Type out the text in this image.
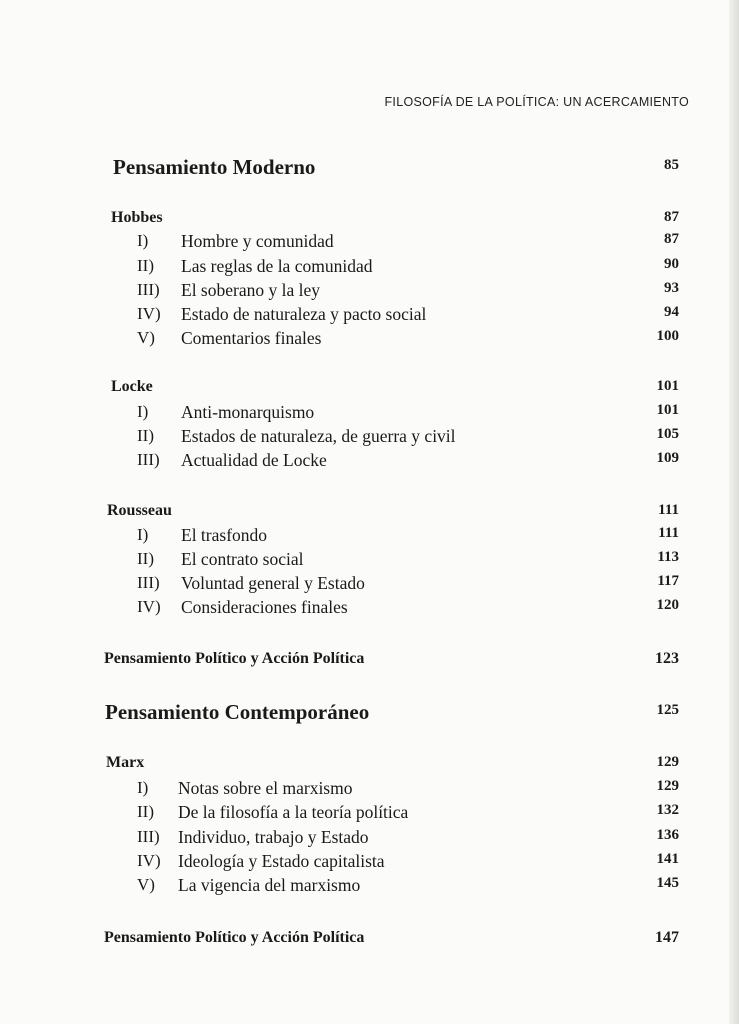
FILOSOFÍA DE LA POLÍTICA: UN ACERCAMIENTO
Pensamiento Moderno	85
Hobbes	87
I) Hombre y comunidad	87
II) Las reglas de la comunidad	90
III) El soberano y la ley	93
IV) Estado de naturaleza y pacto social	94
V) Comentarios finales	100
Locke	101
I) Anti-monarquismo	101
II) Estados de naturaleza, de guerra y civil	105
III) Actualidad de Locke	109
Rousseau	111
I) El trasfondo	111
II) El contrato social	113
III) Voluntad general y Estado	117
IV) Consideraciones finales	120
Pensamiento Político y Acción Política	123
Pensamiento Contemporáneo	125
Marx	129
I) Notas sobre el marxismo	129
II) De la filosofía a la teoría política	132
III) Individuo, trabajo y Estado	136
IV) Ideología y Estado capitalista	141
V) La vigencia del marxismo	145
Pensamiento Político y Acción Política	147
